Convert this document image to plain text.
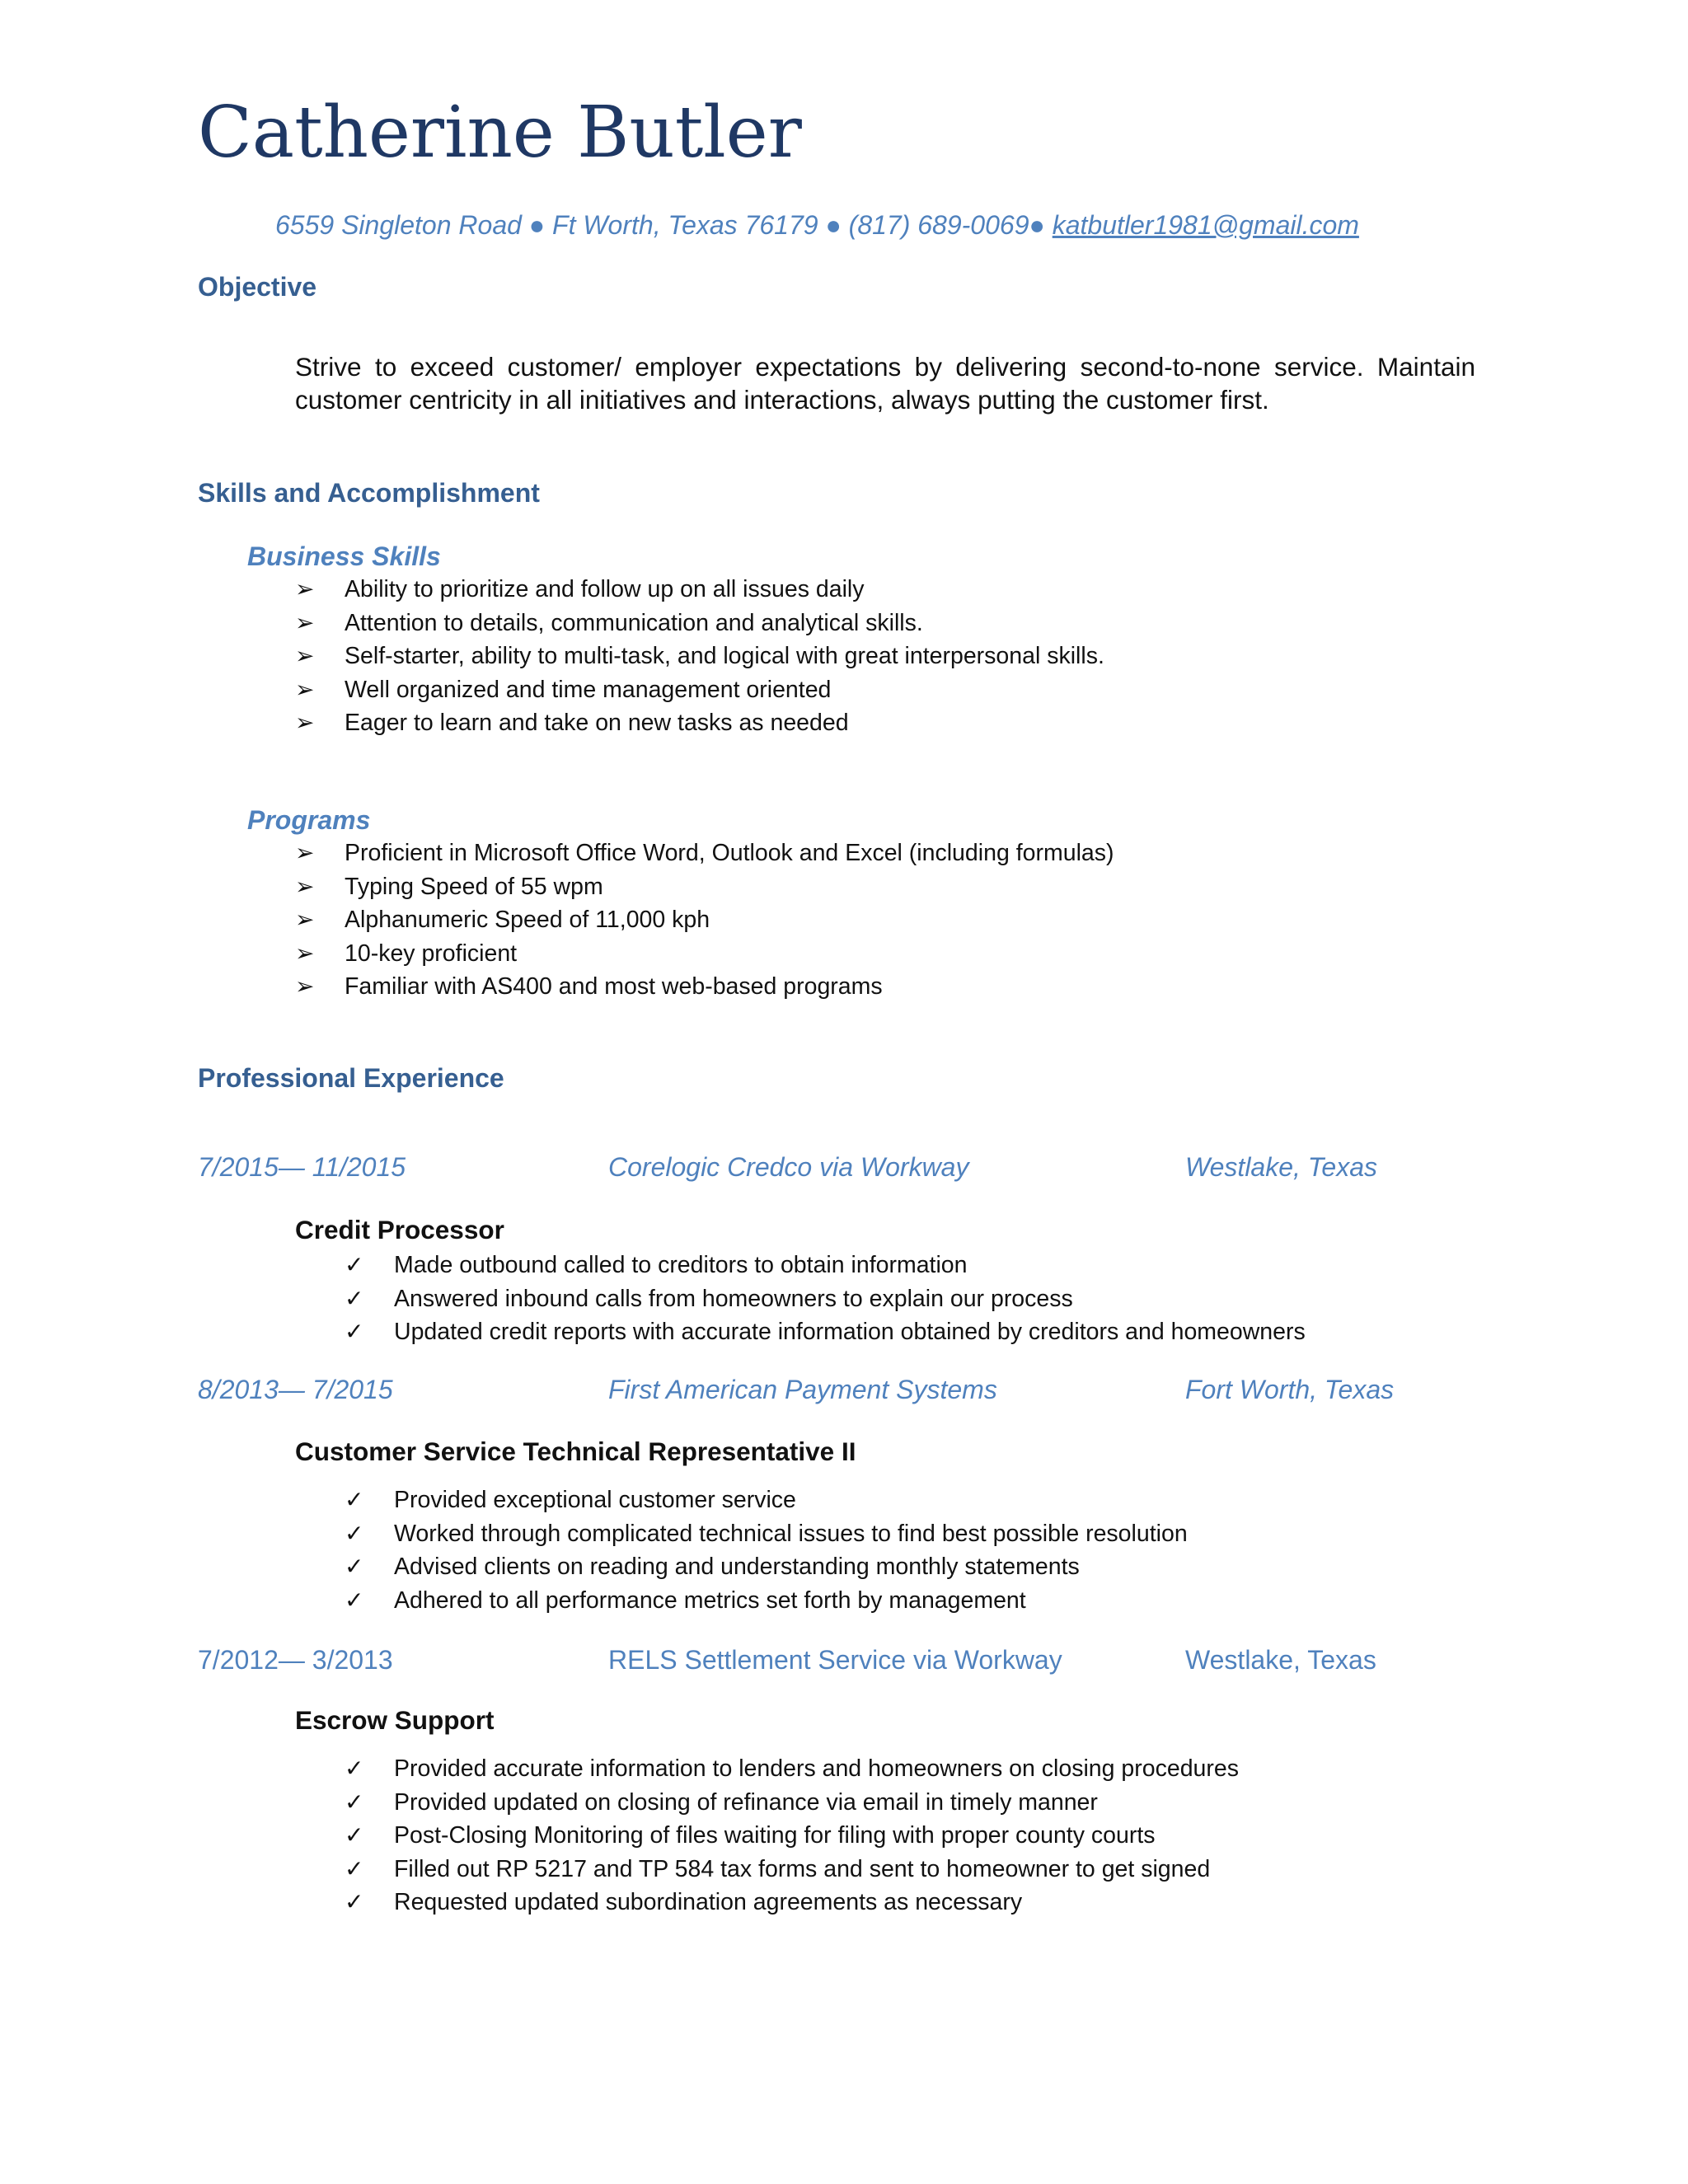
Catherine Butler
6559 Singleton Road ● Ft Worth, Texas 76179 ● (817) 689-0069● katbutler1981@gmail.com
Objective
Strive to exceed customer/ employer expectations by delivering second-to-none service. Maintain customer centricity in all initiatives and interactions, always putting the customer first.
Skills and Accomplishment
Business Skills
➢	Ability to prioritize and follow up on all issues daily
➢	Attention to details, communication and analytical skills.
➢	Self-starter, ability to multi-task, and logical with great interpersonal skills.
➢	Well organized and time management oriented
➢	Eager to learn and take on new tasks as needed
Programs
➢	Proficient in Microsoft Office Word, Outlook and Excel (including formulas)
➢	Typing Speed of 55 wpm
➢	Alphanumeric Speed of 11,000 kph
➢	10-key proficient
➢	Familiar with AS400 and most web-based programs
Professional Experience
7/2015— 11/2015	Corelogic Credco via Workway	Westlake, Texas
Credit Processor
✓	Made outbound called to creditors to obtain information
✓	Answered inbound calls from homeowners to explain our process
✓	Updated credit reports with accurate information obtained by creditors and homeowners
8/2013— 7/2015	First American Payment Systems	Fort Worth, Texas
Customer Service Technical Representative II
✓	Provided exceptional customer service
✓	Worked through complicated technical issues to find best possible resolution
✓	Advised clients on reading and understanding monthly statements
✓	Adhered to all performance metrics set forth by management
7/2012— 3/2013	RELS Settlement Service via Workway	Westlake, Texas
Escrow Support
✓	Provided accurate information to lenders and homeowners on closing procedures
✓	Provided updated on closing of refinance via email in timely manner
✓	Post-Closing Monitoring of files waiting for filing with proper county courts
✓	Filled out RP 5217 and TP 584 tax forms and sent to homeowner to get signed
✓	Requested updated subordination agreements as necessary
